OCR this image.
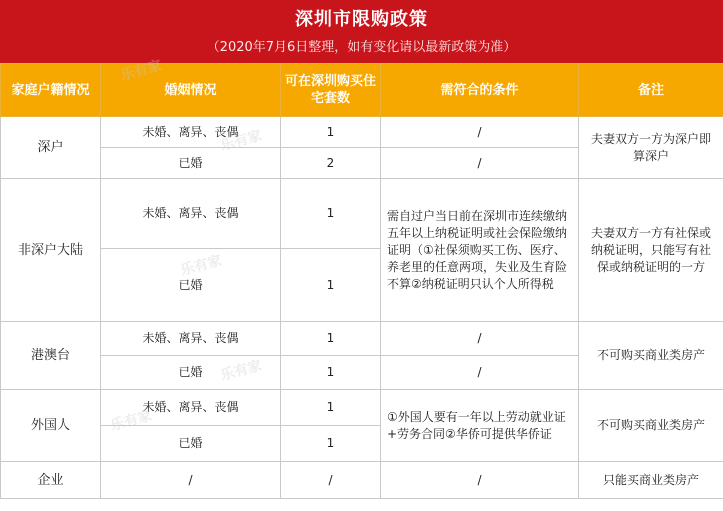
深圳市限购政策
（2020年7月6日整理，如有变化请以最新政策为准）
家庭户籍情况	婚姻情况	可在深圳购买住宅套数	需符合的条件	备注
深户	未婚、离异、丧偶	1	/	夫妻双方一方为深户即算深户
	已婚	2	/	
非深户大陆	未婚、离异、丧偶	1	需自过户当日前在深圳市连续缴纳五年以上纳税证明或社会保险缴纳证明（①社保须购买工伤、医疗、养老里的任意两项，失业及生育险不算②纳税证明只认个人所得税	夫妻双方一方有社保或纳税证明，只能写有社保或纳税证明的一方
	已婚	1		
港澳台	未婚、离异、丧偶	1	/	不可购买商业类房产
	已婚	1	/	
外国人	未婚、离异、丧偶	1	①外国人要有一年以上劳动就业证+劳务合同②华侨可提供华侨证	不可购买商业类房产
	已婚	1		
企业	/	/	/	只能买商业类房产
乐有家
乐有家
乐有家
乐有家
乐有家
